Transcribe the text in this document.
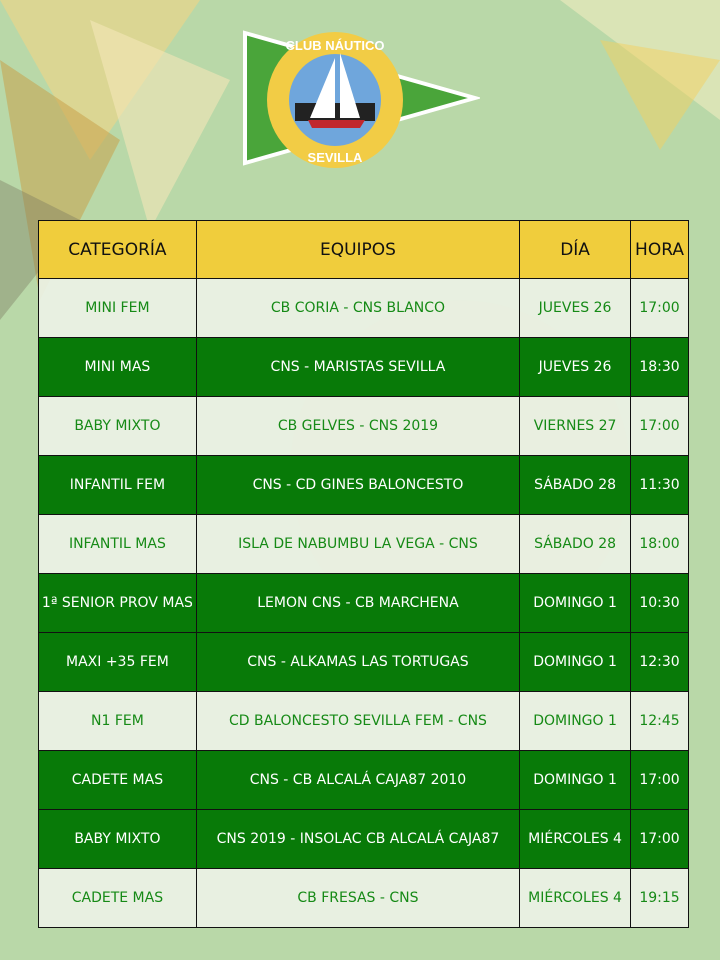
CLUB NÁUTICO
SEVILLA
CATEGORÍA	EQUIPOS	DÍA	HORA
MINI FEM	CB CORIA - CNS BLANCO	JUEVES 26	17:00
MINI MAS	CNS - MARISTAS SEVILLA	JUEVES 26	18:30
BABY MIXTO	CB GELVES - CNS 2019	VIERNES 27	17:00
INFANTIL FEM	CNS - CD GINES BALONCESTO	SÁBADO 28	11:30
INFANTIL MAS	ISLA DE NABUMBU LA VEGA - CNS	SÁBADO 28	18:00
1ª SENIOR PROV MAS	LEMON CNS - CB MARCHENA	DOMINGO 1	10:30
MAXI +35 FEM	CNS - ALKAMAS LAS TORTUGAS	DOMINGO 1	12:30
N1 FEM	CD BALONCESTO SEVILLA FEM - CNS	DOMINGO 1	12:45
CADETE MAS	CNS - CB ALCALÁ CAJA87 2010	DOMINGO 1	17:00
BABY MIXTO	CNS 2019 - INSOLAC CB ALCALÁ CAJA87	MIÉRCOLES 4	17:00
CADETE MAS	CB FRESAS - CNS	MIÉRCOLES 4	19:15
